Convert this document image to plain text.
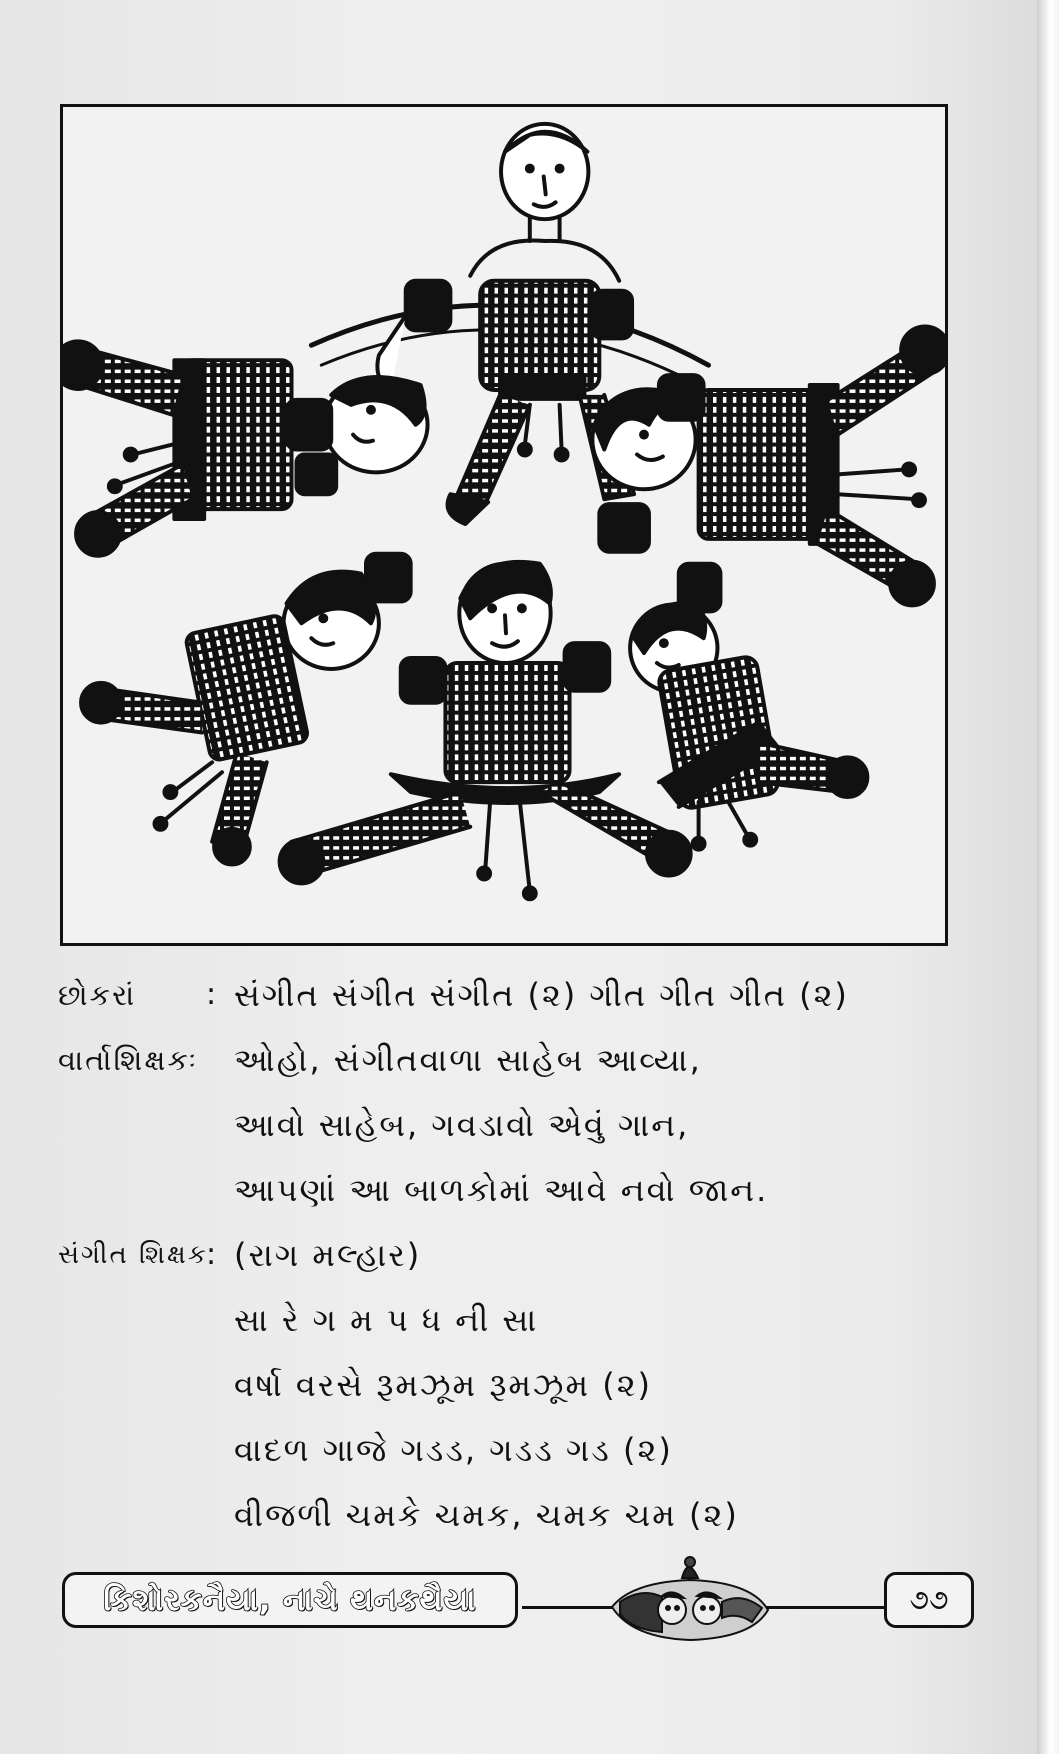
છોકરાં : સંગીત સંગીત સંગીત (૨) ગીત ગીત ગીત (૨)
વાર્તાશિક્ષકઃ ઓહો, સંગીતવાળા સાહેબ આવ્યા,
આવો સાહેબ, ગવડાવો એવું ગાન,
આપણાં આ બાળકોમાં આવે નવો જાન.
સંગીત શિક્ષક
: (રાગ મલ્હાર)
સા રે ગ મ પ ધ ની સા
વર્ષા વરસે રૂમઝૂમ રૂમઝૂમ (૨)
વાદળ ગાજે ગડડ, ગડડ ગડ (૨)
વીજળી ચમકે ચમક, ચમક ચમ (૨)
કિશોરકનૈયા, નાચે થનકથૈયા	૭૭
